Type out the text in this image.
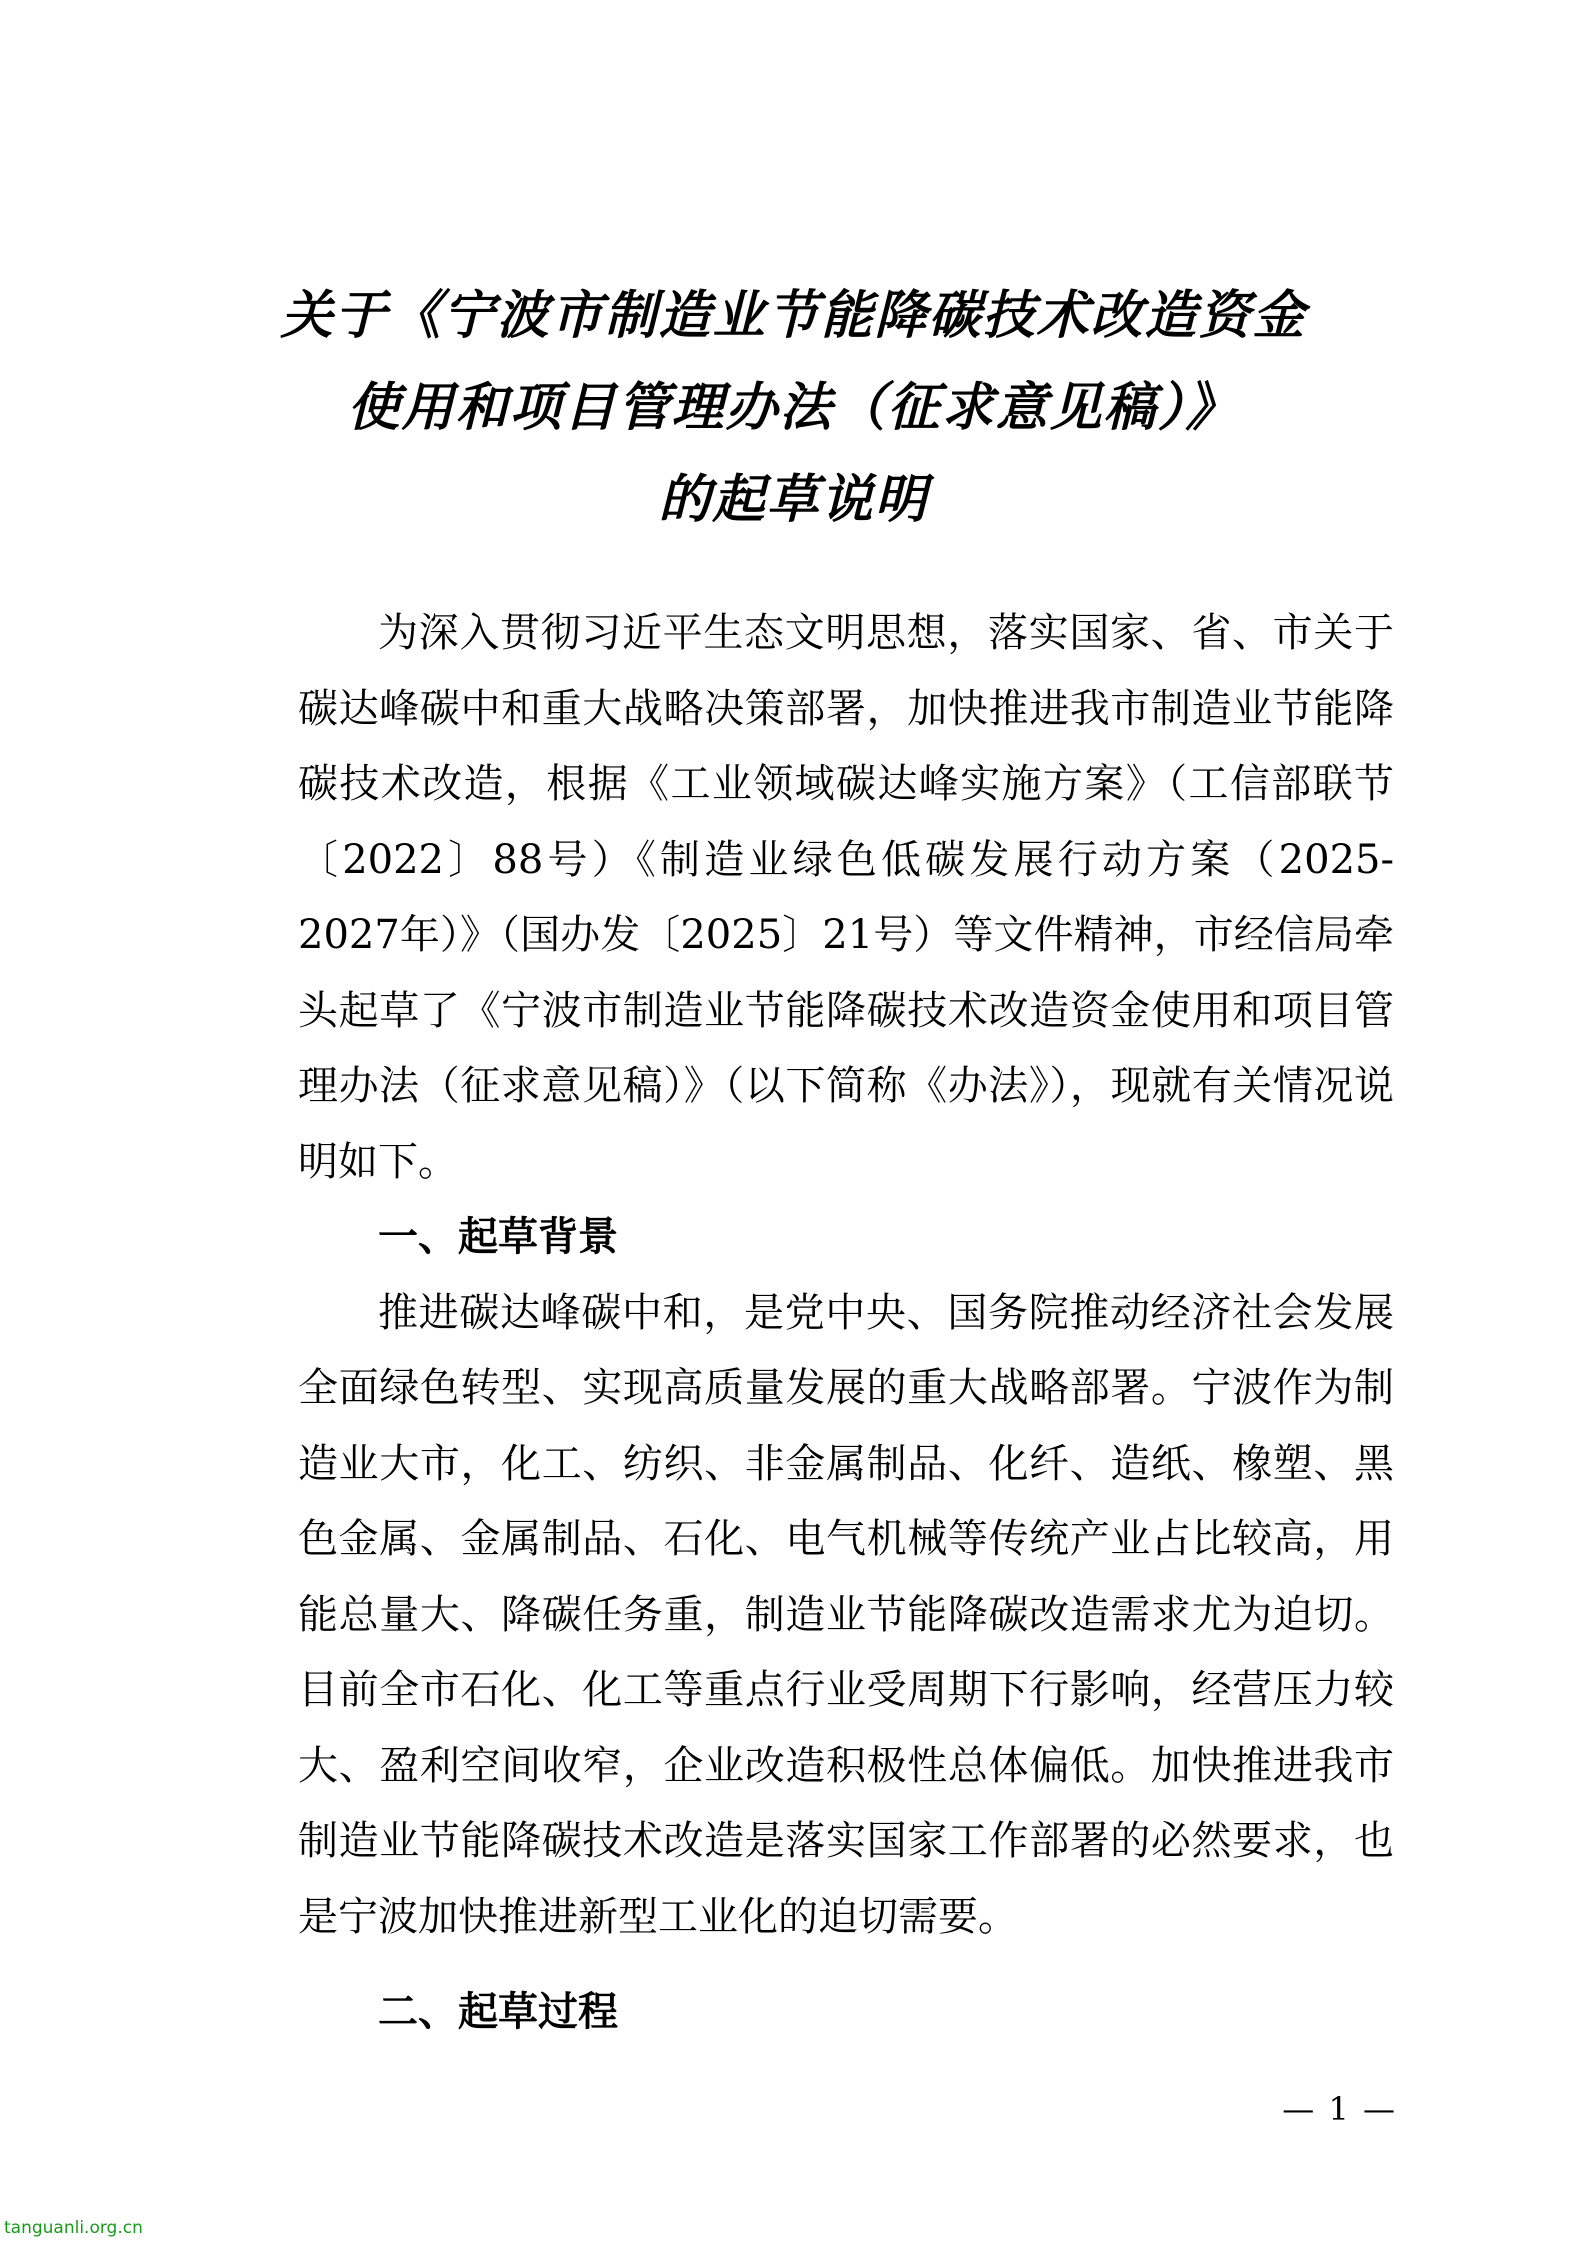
关于《宁波市制造业节能降碳技术改造资金
使用和项目管理办法（征求意见稿）》
的起草说明

为深入贯彻习近平生态文明思想，落实国家、省、市关于碳达峰碳中和重大战略决策部署，加快推进我市制造业节能降碳技术改造，根据《工业领域碳达峰实施方案》（工信部联节〔2022〕88号）《制造业绿色低碳发展行动方案（2025-2027年）》（国办发〔2025〕21号）等文件精神，市经信局牵头起草了《宁波市制造业节能降碳技术改造资金使用和项目管理办法（征求意见稿）》（以下简称《办法》），现就有关情况说明如下。

一、起草背景

推进碳达峰碳中和，是党中央、国务院推动经济社会发展全面绿色转型、实现高质量发展的重大战略部署。宁波作为制造业大市，化工、纺织、非金属制品、化纤、造纸、橡塑、黑色金属、金属制品、石化、电气机械等传统产业占比较高，用能总量大、降碳任务重，制造业节能降碳改造需求尤为迫切。目前全市石化、化工等重点行业受周期下行影响，经营压力较大、盈利空间收窄，企业改造积极性总体偏低。加快推进我市制造业节能降碳技术改造是落实国家工作部署的必然要求，也是宁波加快推进新型工业化的迫切需要。

二、起草过程

— 1 —
tanguanli.org.cn
